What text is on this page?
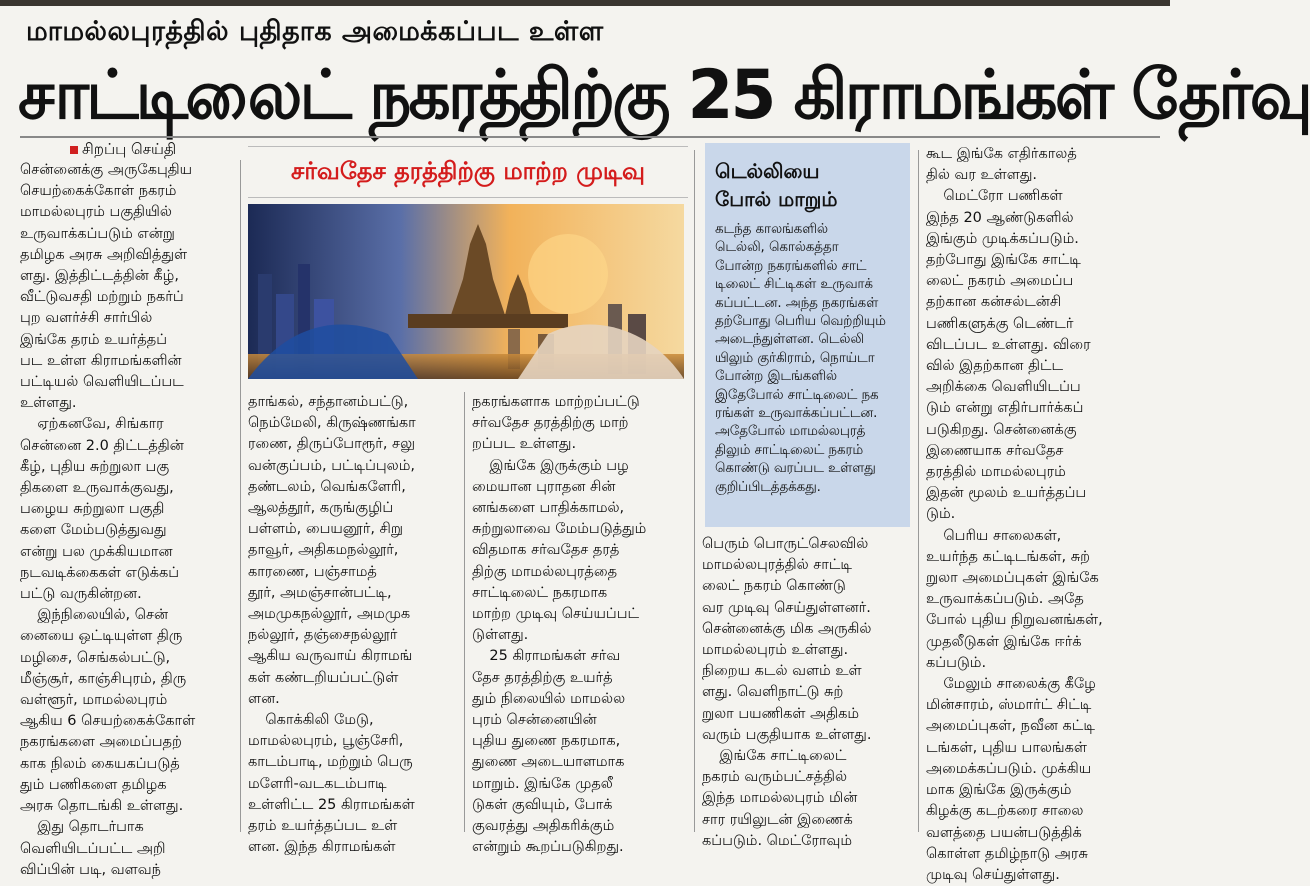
மாமல்லபுரத்தில் புதிதாக அமைக்கப்பட உள்ள
சாட்டிலைட் நகரத்திற்கு 25 கிராமங்கள் தேர்வு
சிறப்பு செய்தி

சென்னைக்கு அருகேபுதிய
செயற்கைக்கோள் நகரம்
மாமல்லபுரம் பகுதியில்
உருவாக்கப்படும் என்று
தமிழக அரசு அறிவித்துள்
ளது. இத்திட்டத்தின் கீழ்,
வீட்டுவசதி மற்றும் நகர்ப்
புற வளர்ச்சி சார்பில்
இங்கே தரம் உயர்த்தப்
பட உள்ள கிராமங்களின்
பட்டியல் வெளியிடப்பட
உள்ளது.

ஏற்கனவே, சிங்கார
சென்னை 2.0 திட்டத்தின்
கீழ், புதிய சுற்றுலா பகு
திகளை உருவாக்குவது,
பழைய சுற்றுலா பகுதி
களை மேம்படுத்துவது
என்று பல முக்கியமான
நடவடிக்கைகள் எடுக்கப்
பட்டு வருகின்றன.

இந்நிலையில், சென்
னையை ஒட்டியுள்ள திரு
மழிசை, செங்கல்பட்டு,
மீஞ்சூர், காஞ்சிபுரம், திரு
வள்ளூர், மாமல்லபுரம்
ஆகிய 6 செயற்கைக்கோள்
நகரங்களை அமைப்பதற்
காக நிலம் கையகப்படுத்
தும் பணிகளை தமிழக
அரசு தொடங்கி உள்ளது.

இது தொடர்பாக
வெளியிடப்பட்ட அறி
விப்பின் படி, வளவந்

சர்வதேச தரத்திற்கு மாற்ற முடிவு

தாங்கல், சந்தானம்பட்டு,
நெம்மேலி, கிருஷ்ணங்கா
ரணை, திருப்போரூர், சலு
வன்குப்பம், பட்டிப்புலம்,
தண்டலம், வெங்களேரி,
ஆலத்தூர், கருங்குழிப்
பள்ளம், பையனூர், சிறு
தாவூர், அதிகமநல்லூர்,
காரணை, பஞ்சாமத்
தூர், அமஞ்சான்பட்டி,
அமமுகநல்லூர், அமமுக
நல்லூர், தஞ்சைநல்லூர்
ஆகிய வருவாய் கிராமங்
கள் கண்டறியப்பட்டுள்
ளன.

கொக்கிலி மேடு,
மாமல்லபுரம், பூஞ்சேரி,
காடம்பாடி, மற்றும் பெரு
மளேரி-வடகடம்பாடி
உள்ளிட்ட 25 கிராமங்கள்
தரம் உயர்த்தப்பட உள்
ளன. இந்த கிராமங்கள்

நகரங்களாக மாற்றப்பட்டு
சர்வதேச தரத்திற்கு மாற்
றப்பட உள்ளது.

இங்கே இருக்கும் பழ
மையான புராதன சின்
னங்களை பாதிக்காமல்,
சுற்றுலாவை மேம்படுத்தும்
விதமாக சர்வதேச தரத்
திற்கு மாமல்லபுரத்தை
சாட்டிலைட் நகரமாக
மாற்ற முடிவு செய்யப்பட்
டுள்ளது.

25 கிராமங்கள் சர்வ
தேச தரத்திற்கு உயர்த்
தும் நிலையில் மாமல்ல
புரம் சென்னையின்
புதிய துணை நகரமாக,
துணை அடையாளமாக
மாறும். இங்கே முதலீ
டுகள் குவியும், போக்
குவரத்து அதிகரிக்கும்
என்றும் கூறப்படுகிறது.

டெல்லியை
போல் மாறும்
கடந்த காலங்களில்
டெல்லி, கொல்கத்தா
போன்ற நகரங்களில் சாட்
டிலைட் சிட்டிகள் உருவாக்
கப்பட்டன. அந்த நகரங்கள்
தற்போது பெரிய வெற்றியும்
அடைந்துள்ளன. டெல்லி
யிலும் குர்கிராம், நொய்டா
போன்ற இடங்களில்
இதேபோல் சாட்டிலைட் நக
ரங்கள் உருவாக்கப்பட்டன.
அதேபோல் மாமல்லபுரத்
திலும் சாட்டிலைட் நகரம்
கொண்டு வரப்பட உள்ளது
குறிப்பிடத்தக்கது.

பெரும் பொருட்செலவில்
மாமல்லபுரத்தில் சாட்டி
லைட் நகரம் கொண்டு
வர முடிவு செய்துள்ளனர்.
சென்னைக்கு மிக அருகில்
மாமல்லபுரம் உள்ளது.
நிறைய கடல் வளம் உள்
ளது. வெளிநாட்டு சுற்
றுலா பயணிகள் அதிகம்
வரும் பகுதியாக உள்ளது.

இங்கே சாட்டிலைட்
நகரம் வரும்பட்சத்தில்
இந்த மாமல்லபுரம் மின்
சார ரயிலுடன் இணைக்
கப்படும். மெட்ரோவும்

கூட இங்கே எதிர்காலத்
தில் வர உள்ளது.

மெட்ரோ பணிகள்
இந்த 20 ஆண்டுகளில்
இங்கும் முடிக்கப்படும்.
தற்போது இங்கே சாட்டி
லைட் நகரம் அமைப்ப
தற்கான கன்சல்டன்சி
பணிகளுக்கு டெண்டர்
விடப்பட உள்ளது. விரை
வில் இதற்கான திட்ட
அறிக்கை வெளியிடப்ப
டும் என்று எதிர்பார்க்கப்
படுகிறது. சென்னைக்கு
இணையாக சர்வதேச
தரத்தில் மாமல்லபுரம்
இதன் மூலம் உயர்த்தப்ப
டும்.

பெரிய சாலைகள்,
உயர்ந்த கட்டிடங்கள், சுற்
றுலா அமைப்புகள் இங்கே
உருவாக்கப்படும். அதே
போல் புதிய நிறுவனங்கள்,
முதலீடுகள் இங்கே ஈர்க்
கப்படும்.

மேலும் சாலைக்கு கீழே
மின்சாரம், ஸ்மார்ட் சிட்டி
அமைப்புகள், நவீன கட்டி
டங்கள், புதிய பாலங்கள்
அமைக்கப்படும். முக்கிய
மாக இங்கே இருக்கும்
கிழக்கு கடற்கரை சாலை
வளத்தை பயன்படுத்திக்
கொள்ள தமிழ்நாடு அரசு
முடிவு செய்துள்ளது.
